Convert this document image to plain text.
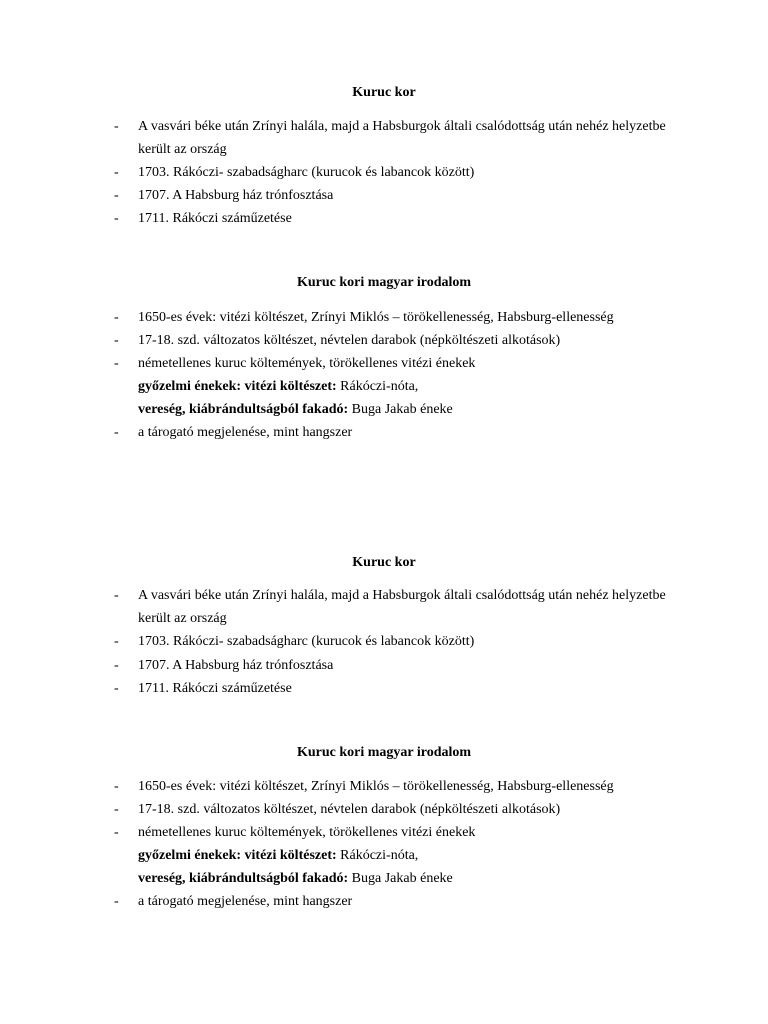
Kuruc kor
- A vasvári béke után Zrínyi halála, majd a Habsburgok általi csalódottság után nehéz helyzetbe
került az ország
- 1703. Rákóczi- szabadságharc (kurucok és labancok között)
- 1707. A Habsburg ház trónfosztása
- 1711. Rákóczi száműzetése
Kuruc kori magyar irodalom
- 1650-es évek: vitézi költészet, Zrínyi Miklós – törökellenesség, Habsburg-ellenesség
- 17-18. szd. változatos költészet, névtelen darabok (népköltészeti alkotások)
- németellenes kuruc költemények, törökellenes vitézi énekek
győzelmi énekek: vitézi költészet: Rákóczi-nóta,
vereség, kiábrándultságból fakadó: Buga Jakab éneke
- a tárogató megjelenése, mint hangszer
Kuruc kor
- A vasvári béke után Zrínyi halála, majd a Habsburgok általi csalódottság után nehéz helyzetbe
került az ország
- 1703. Rákóczi- szabadságharc (kurucok és labancok között)
- 1707. A Habsburg ház trónfosztása
- 1711. Rákóczi száműzetése
Kuruc kori magyar irodalom
- 1650-es évek: vitézi költészet, Zrínyi Miklós – törökellenesség, Habsburg-ellenesség
- 17-18. szd. változatos költészet, névtelen darabok (népköltészeti alkotások)
- németellenes kuruc költemények, törökellenes vitézi énekek
győzelmi énekek: vitézi költészet: Rákóczi-nóta,
vereség, kiábrándultságból fakadó: Buga Jakab éneke
- a tárogató megjelenése, mint hangszer
